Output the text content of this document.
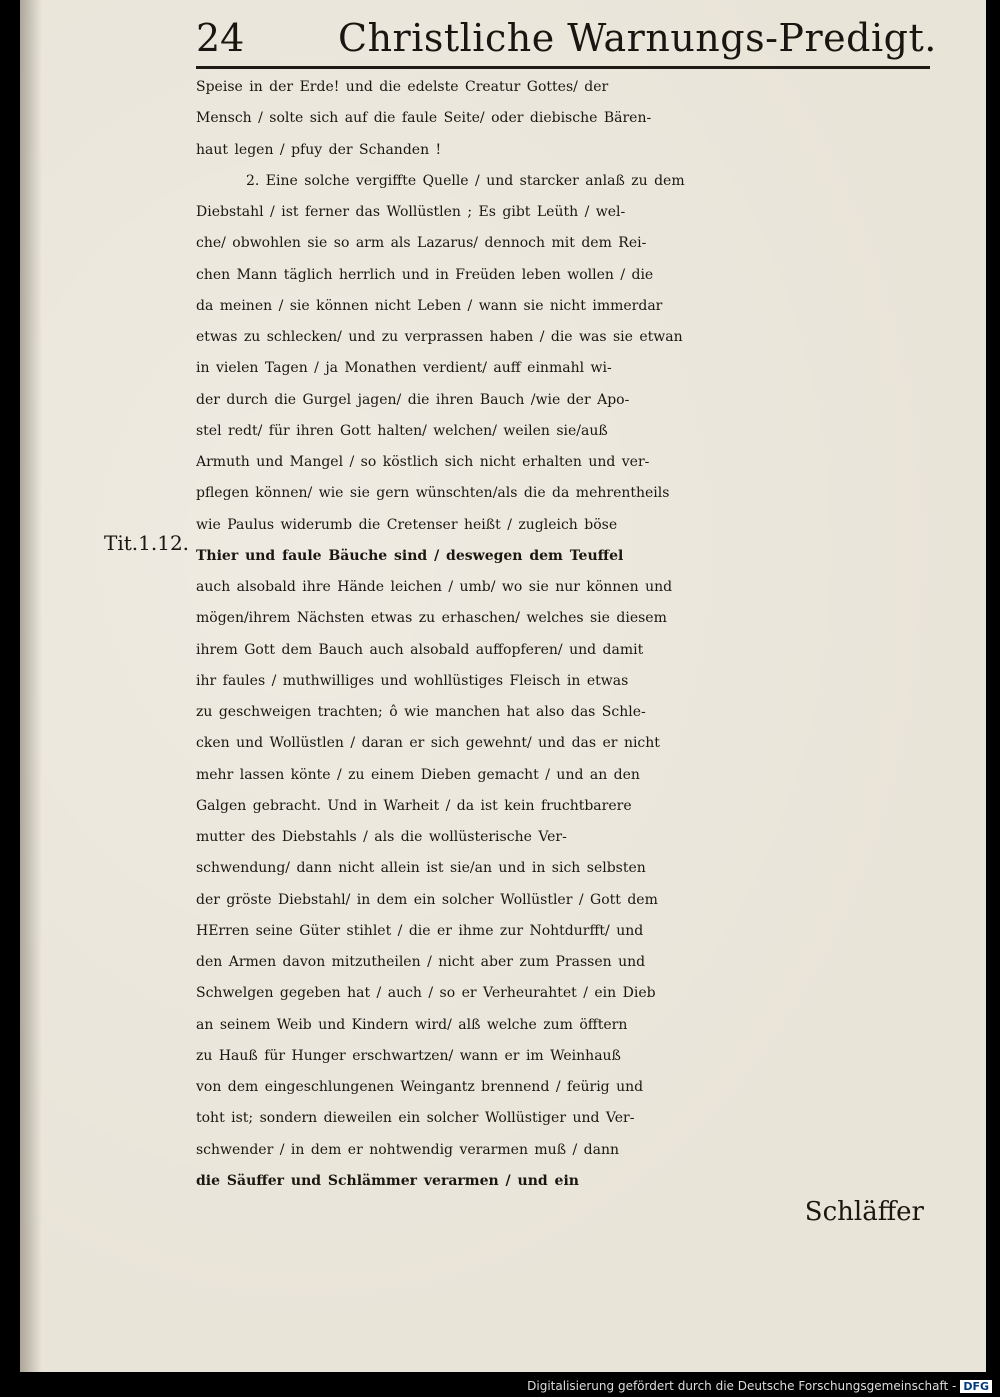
24 Christliche Warnungs-Predigt.
Tit.1.12.
Speise in der Erde! und die edelste Creatur Gottes/ der
Mensch / solte sich auf die faule Seite/ oder diebische Bären-
haut legen / pfuy der Schanden !
2. Eine solche vergiffte Quelle / und starcker anlaß zu dem
Diebstahl / ist ferner das Wollüstlen ; Es gibt Leüth / wel-
che/ obwohlen sie so arm als Lazarus/ dennoch mit dem Rei-
chen Mann täglich herrlich und in Freüden leben wollen / die
da meinen / sie können nicht Leben / wann sie nicht immerdar
etwas zu schlecken/ und zu verprassen haben / die was sie etwan
in vielen Tagen / ja Monathen verdient/ auff einmahl wi-
der durch die Gurgel jagen/ die ihren Bauch /wie der Apo-
stel redt/ für ihren Gott halten/ welchen/ weilen sie/auß
Armuth und Mangel / so köstlich sich nicht erhalten und ver-
pflegen können/ wie sie gern wünschten/als die da mehrentheils
wie Paulus widerumb die Cretenser heißt / zugleich böse
Thier und faule Bäuche sind / deswegen dem Teuffel
auch alsobald ihre Hände leichen / umb/ wo sie nur können und
mögen/ihrem Nächsten etwas zu erhaschen/ welches sie diesem
ihrem Gott dem Bauch auch alsobald auffopferen/ und damit
ihr faules / muthwilliges und wohllüstiges Fleisch in etwas
zu geschweigen trachten; ô wie manchen hat also das Schle-
cken und Wollüstlen / daran er sich gewehnt/ und das er nicht
mehr lassen könte / zu einem Dieben gemacht / und an den
Galgen gebracht. Und in Warheit / da ist kein fruchtbarere
mutter des Diebstahls / als die wollüsterische Ver-
schwendung/ dann nicht allein ist sie/an und in sich selbsten
der gröste Diebstahl/ in dem ein solcher Wollüstler / Gott dem
HErren seine Güter stihlet / die er ihme zur Nohtdurfft/ und
den Armen davon mitzutheilen / nicht aber zum Prassen und
Schwelgen gegeben hat / auch / so er Verheurahtet / ein Dieb
an seinem Weib und Kindern wird/ alß welche zum öfftern
zu Hauß für Hunger erschwartzen/ wann er im Weinhauß
von dem eingeschlungenen Weingantz brennend / feürig und
toht ist; sondern dieweilen ein solcher Wollüstiger und Ver-
schwender / in dem er nohtwendig verarmen muß / dann
die Säuffer und Schlämmer verarmen / und ein
Schläffer
Digitalisierung gefördert durch die Deutsche Forschungsgemeinschaft - DFG
